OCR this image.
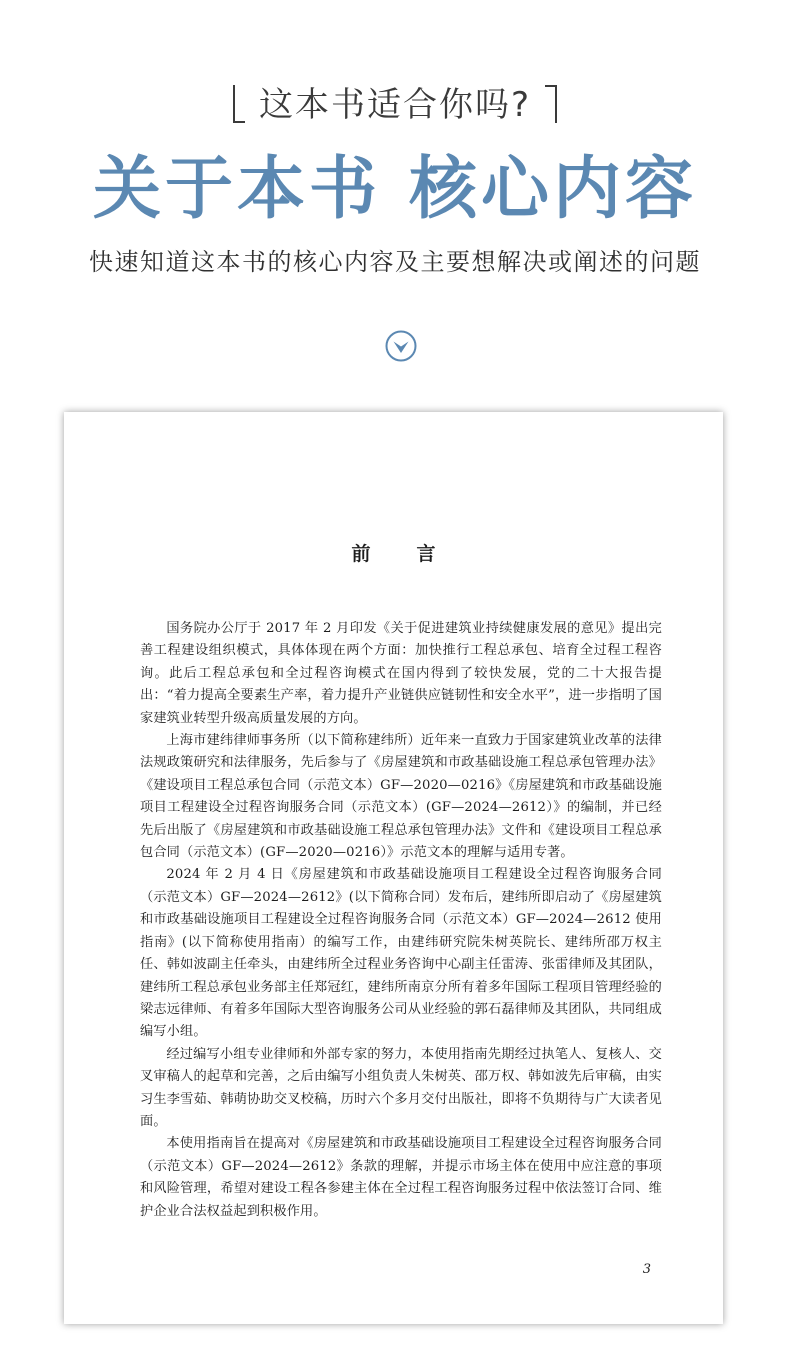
这本书适合你吗?
关于本书 核心内容
快速知道这本书的核心内容及主要想解决或阐述的问题
前言

国务院办公厅于 2017 年 2 月印发《关于促进建筑业持续健康发展的意见》提出完善工程建设组织模式，具体体现在两个方面：加快推行工程总承包、培育全过程工程咨询。此后工程总承包和全过程咨询模式在国内得到了较快发展，党的二十大报告提出：“着力提高全要素生产率，着力提升产业链供应链韧性和安全水平”，进一步指明了国家建筑业转型升级高质量发展的方向。

上海市建纬律师事务所（以下简称建纬所）近年来一直致力于国家建筑业改革的法律法规政策研究和法律服务，先后参与了《房屋建筑和市政基础设施工程总承包管理办法》《建设项目工程总承包合同（示范文本）GF—2020—0216》《房屋建筑和市政基础设施项目工程建设全过程咨询服务合同（示范文本）(GF—2024—2612）》的编制，并已经先后出版了《房屋建筑和市政基础设施工程总承包管理办法》文件和《建设项目工程总承包合同（示范文本）(GF—2020—0216）》示范文本的理解与适用专著。

2024 年 2 月 4 日《房屋建筑和市政基础设施项目工程建设全过程咨询服务合同（示范文本）GF—2024—2612》(以下简称合同）发布后，建纬所即启动了《房屋建筑和市政基础设施项目工程建设全过程咨询服务合同（示范文本）GF—2024—2612 使用指南》(以下简称使用指南）的编写工作，由建纬研究院朱树英院长、建纬所邵万权主任、韩如波副主任牵头，由建纬所全过程业务咨询中心副主任雷涛、张雷律师及其团队，建纬所工程总承包业务部主任郑冠红，建纬所南京分所有着多年国际工程项目管理经验的梁志远律师、有着多年国际大型咨询服务公司从业经验的郭石磊律师及其团队，共同组成编写小组。

经过编写小组专业律师和外部专家的努力，本使用指南先期经过执笔人、复核人、交叉审稿人的起草和完善，之后由编写小组负责人朱树英、邵万权、韩如波先后审稿，由实习生李雪茹、韩萌协助交叉校稿，历时六个多月交付出版社，即将不负期待与广大读者见面。

本使用指南旨在提高对《房屋建筑和市政基础设施项目工程建设全过程咨询服务合同（示范文本）GF—2024—2612》条款的理解，并提示市场主体在使用中应注意的事项和风险管理，希望对建设工程各参建主体在全过程工程咨询服务过程中依法签订合同、维护企业合法权益起到积极作用。

3
